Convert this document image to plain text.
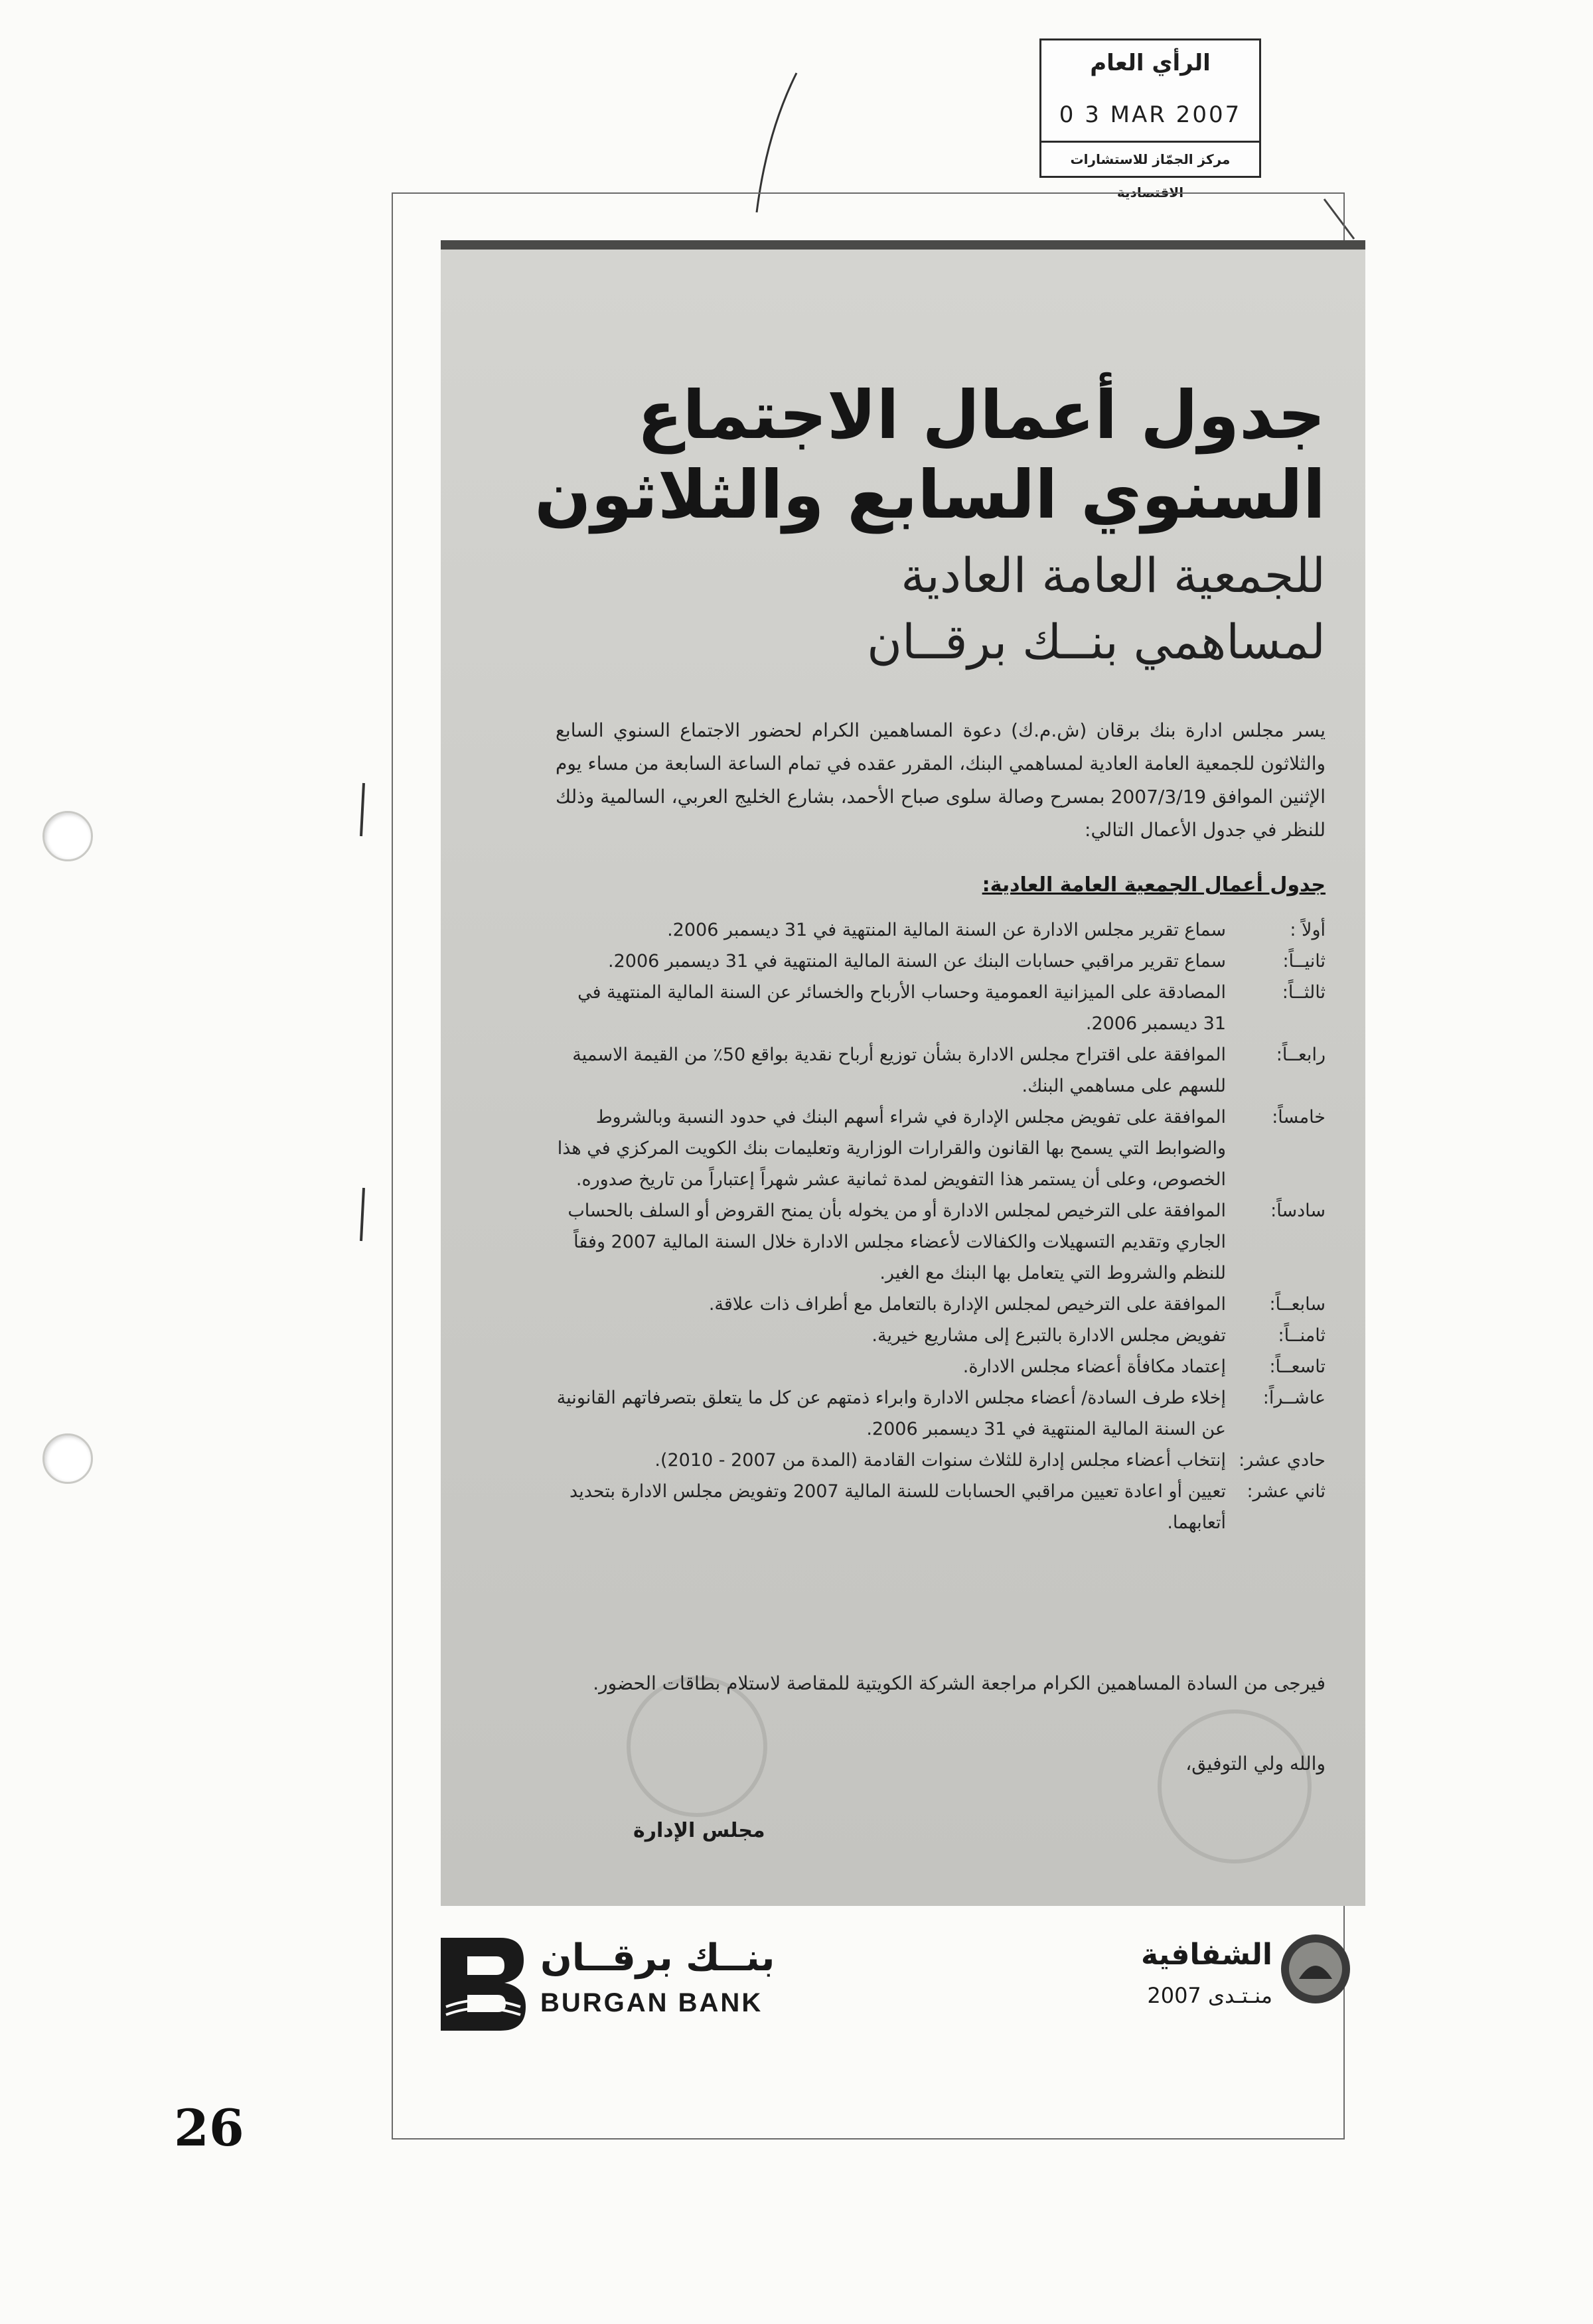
الرأي العام
0 3 MAR 2007
مركز الجمّاز للاستشارات الاقتصادية
جدول أعمال الاجتماع
السنوي السابع والثلاثون
للجمعية العامة العادية
لمساهمي بنــك برقــان
يسر مجلس ادارة بنك برقان (ش.م.ك) دعوة المساهمين الكرام لحضور الاجتماع السنوي السابع والثلاثون للجمعية العامة العادية لمساهمي البنك، المقرر عقده في تمام الساعة السابعة من مساء يوم الإثنين الموافق 2007/3/19 بمسرح وصالة سلوى صباح الأحمد، بشارع الخليج العربي، السالمية وذلك للنظر في جدول الأعمال التالي:
جدول أعمال الجمعية العامة العادية:
أولاً :
سماع تقرير مجلس الادارة عن السنة المالية المنتهية في 31 ديسمبر 2006.
ثانيــاً:
سماع تقرير مراقبي حسابات البنك عن السنة المالية المنتهية في 31 ديسمبر 2006.
ثالثــاً:
المصادقة على الميزانية العمومية وحساب الأرباح والخسائر عن السنة المالية المنتهية في 31 ديسمبر 2006.
رابعــاً:
الموافقة على اقتراح مجلس الادارة بشأن توزيع أرباح نقدية بواقع 50٪ من القيمة الاسمية للسهم على مساهمي البنك.
خامساً:
الموافقة على تفويض مجلس الإدارة في شراء أسهم البنك في حدود النسبة وبالشروط والضوابط التي يسمح بها القانون والقرارات الوزارية وتعليمات بنك الكويت المركزي في هذا الخصوص، وعلى أن يستمر هذا التفويض لمدة ثمانية عشر شهراً إعتباراً من تاريخ صدوره.
سادساً:
الموافقة على الترخيص لمجلس الادارة أو من يخوله بأن يمنح القروض أو السلف بالحساب الجاري وتقديم التسهيلات والكفالات لأعضاء مجلس الادارة خلال السنة المالية 2007 وفقاً للنظم والشروط التي يتعامل بها البنك مع الغير.
سابعــاً:
الموافقة على الترخيص لمجلس الإدارة بالتعامل مع أطراف ذات علاقة.
ثامنــاً:
تفويض مجلس الادارة بالتبرع إلى مشاريع خيرية.
تاسعــاً:
إعتماد مكافأة أعضاء مجلس الادارة.
عاشــراً:
إخلاء طرف السادة/ أعضاء مجلس الادارة وابراء ذمتهم عن كل ما يتعلق بتصرفاتهم القانونية عن السنة المالية المنتهية في 31 ديسمبر 2006.
حادي عشر:
إنتخاب أعضاء مجلس إدارة للثلاث سنوات القادمة (المدة من 2007 - 2010).
ثاني عشر:
تعيين أو اعادة تعيين مراقبي الحسابات للسنة المالية 2007 وتفويض مجلس الادارة بتحديد أتعابهما.
فيرجى من السادة المساهمين الكرام مراجعة الشركة الكويتية للمقاصة لاستلام بطاقات الحضور.
والله ولي التوفيق،
مجلس الإدارة
بنــك برقــان
BURGAN BANK
الشفافية
منـتـدى 2007
26
